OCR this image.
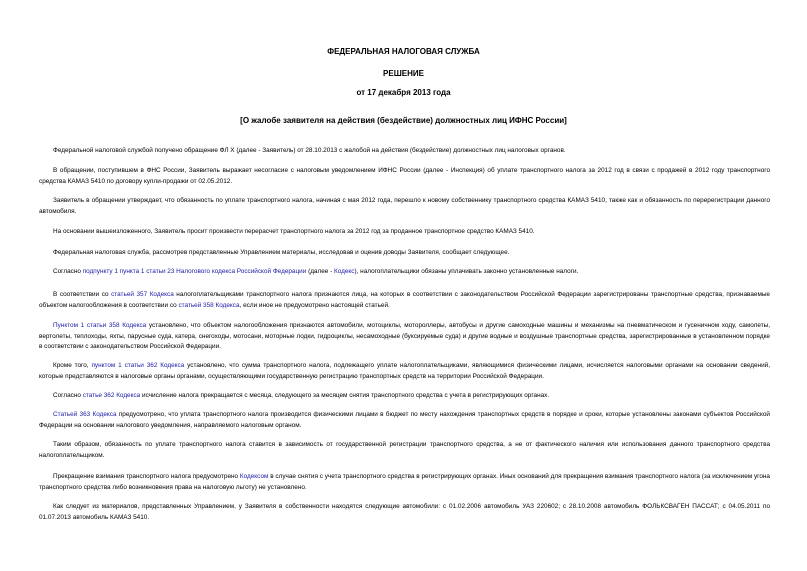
ФЕДЕРАЛЬНАЯ НАЛОГОВАЯ СЛУЖБА
РЕШЕНИЕ
от 17 декабря 2013 года
[О жалобе заявителя на действия (бездействие) должностных лиц ИФНС России]

Федеральной налоговой службой получено обращение ФЛ Х (далее - Заявитель) от 28.10.2013 с жалобой на действия (бездействие) должностных лиц налоговых органов.

В обращении, поступившем в ФНС России, Заявитель выражает несогласие с налоговым уведомлением ИФНС России (далее - Инспекция) об уплате транспортного налога за 2012 год в связи с продажей в 2012 году транспортного средства КАМАЗ 5410 по договору купли-продажи от 02.05.2012.

Заявитель в обращении утверждает, что обязанность по уплате транспортного налога, начиная с мая 2012 года, перешло к новому собственнику транспортного средства КАМАЗ 5410, также как и обязанность по перерегистрации данного автомобиля.

На основании вышеизложенного, Заявитель просит произвести перерасчет транспортного налога за 2012 год за проданное транспортное средство КАМАЗ 5410.

Федеральная налоговая служба, рассмотрев представленные Управлением материалы, исследовав и оценив доводы Заявителя, сообщает следующее.

Согласно подпункту 1 пункта 1 статьи 23 Налогового кодекса Российской Федерации (далее - Кодекс), налогоплательщики обязаны уплачивать законно установленные налоги.

В соответствии со статьей 357 Кодекса налогоплательщиками транспортного налога признаются лица, на которых в соответствии с законодательством Российской Федерации зарегистрированы транспортные средства, признаваемые объектом налогообложения в соответствии со статьей 358 Кодекса, если иное не предусмотрено настоящей статьей.

Пунктом 1 статьи 358 Кодекса установлено, что объектом налогообложения признаются автомобили, мотоциклы, мотороллеры, автобусы и другие самоходные машины и механизмы на пневматическом и гусеничном ходу, самолеты, вертолеты, теплоходы, яхты, парусные суда, катера, снегоходы, мотосани, моторные лодки, гидроциклы, несамоходные (буксируемые суда) и другие водные и воздушные транспортные средства, зарегистрированные в установленном порядке в соответствии с законодательством Российской Федерации.

Кроме того, пунктом 1 статьи 362 Кодекса установлено, что сумма транспортного налога, подлежащего уплате налогоплательщиками, являющимися физическими лицами, исчисляется налоговыми органами на основании сведений, которые представляются в налоговые органы органами, осуществляющими государственную регистрацию транспортных средств на территории Российской Федерации.

Согласно статье 362 Кодекса исчисление налога прекращается с месяца, следующего за месяцем снятия транспортного средства с учета в регистрирующих органах.

Статьей 363 Кодекса предусмотрено, что уплата транспортного налога производится физическими лицами в бюджет по месту нахождения транспортных средств в порядке и сроки, которые установлены законами субъектов Российской Федерации на основании налогового уведомления, направляемого налоговым органом.

Таким образом, обязанность по уплате транспортного налога ставится в зависимость от государственной регистрации транспортного средства, а не от фактического наличия или использования данного транспортного средства налогоплательщиком.

Прекращение взимания транспортного налога предусмотрено Кодексом в случае снятия с учета транспортного средства в регистрирующих органах. Иных оснований для прекращения взимания транспортного налога (за исключением угона транспортного средства либо возникновения права на налоговую льготу) не установлено.

Как следует из материалов, представленных Управлением, у Заявителя в собственности находятся следующие автомобили: с 01.02.2006 автомобиль УАЗ 220602; с 28.10.2008 автомобиль ФОЛЬКСВАГЕН ПАССАТ; с 04.05.2011 по 01.07.2013 автомобиль КАМАЗ 5410.
